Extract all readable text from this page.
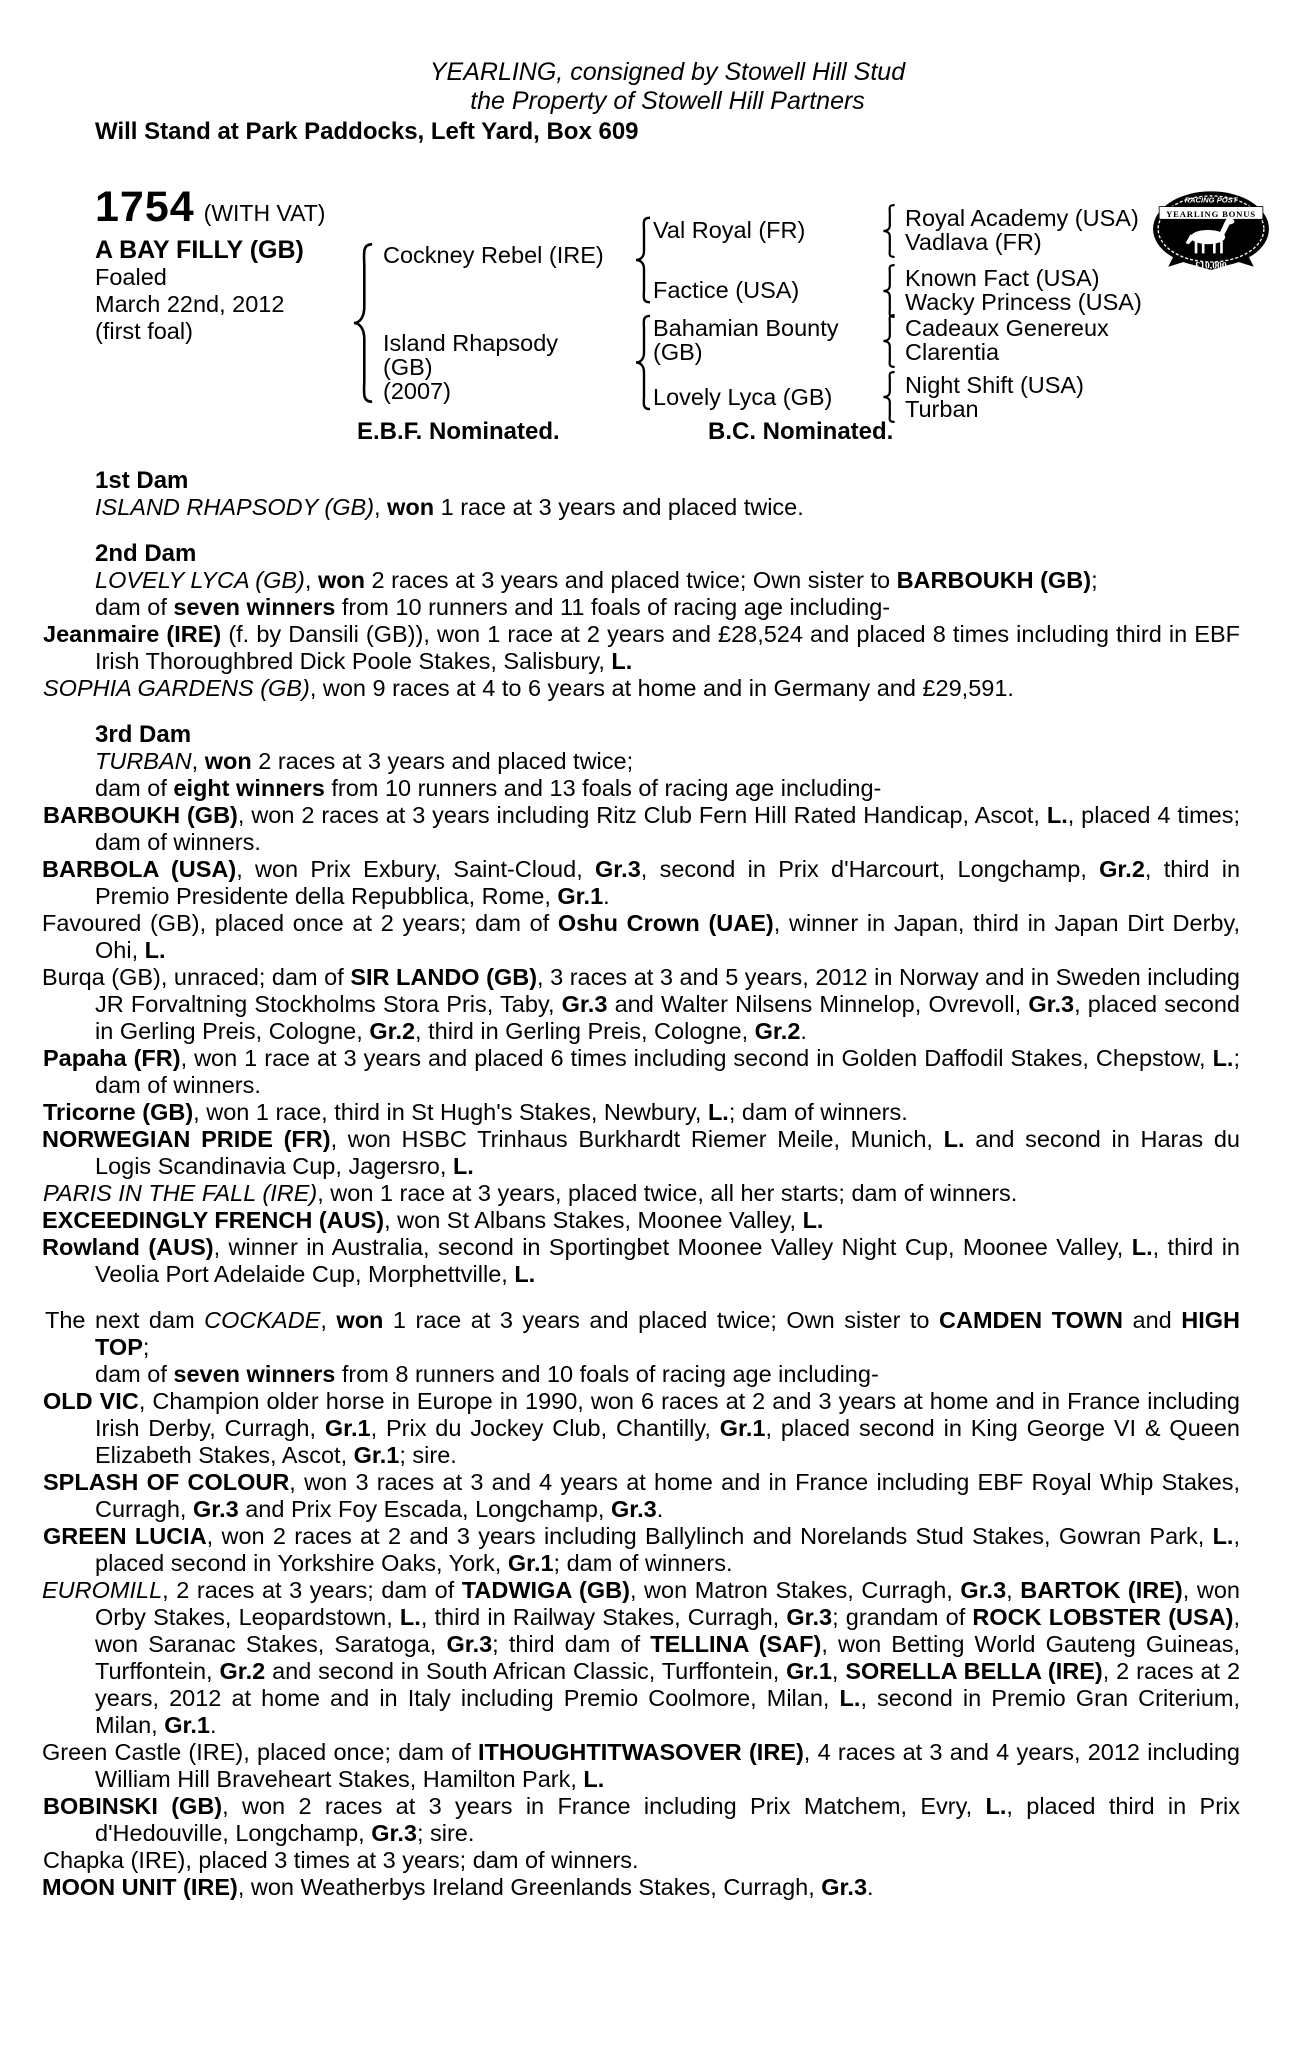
RACING POST
YEARLING BONUS
£10,000
YEARLING, consigned by Stowell Hill Stud
the Property of Stowell Hill Partners
Will Stand at Park Paddocks, Left Yard, Box 609
1754 (WITH VAT)
A BAY FILLY (GB)
Foaled
March 22nd, 2012
(first foal)
Cockney Rebel (IRE)
Island Rhapsody
(GB)
(2007)
Val Royal (FR)
Factice (USA)
Bahamian Bounty
(GB)
Lovely Lyca (GB)
Royal Academy (USA)
Vadlava (FR)
Known Fact (USA)
Wacky Princess (USA)
Cadeaux Genereux
Clarentia
Night Shift (USA)
Turban
E.B.F. Nominated.	B.C. Nominated.
1st Dam

ISLAND RHAPSODY (GB), won 1 race at 3 years and placed twice.

2nd Dam

LOVELY LYCA (GB), won 2 races at 3 years and placed twice; Own sister to BARBOUKH (GB);

dam of seven winners from 10 runners and 11 foals of racing age including-

Jeanmaire (IRE) (f. by Dansili (GB)), won 1 race at 2 years and £28,524 and placed 8 times including third in EBF Irish Thoroughbred Dick Poole Stakes, Salisbury, L.

SOPHIA GARDENS (GB), won 9 races at 4 to 6 years at home and in Germany and £29,591.

3rd Dam

TURBAN, won 2 races at 3 years and placed twice;

dam of eight winners from 10 runners and 13 foals of racing age including-

BARBOUKH (GB), won 2 races at 3 years including Ritz Club Fern Hill Rated Handicap, Ascot, L., placed 4 times; dam of winners.

BARBOLA (USA), won Prix Exbury, Saint-Cloud, Gr.3, second in Prix d'Harcourt, Longchamp, Gr.2, third in Premio Presidente della Repubblica, Rome, Gr.1.

Favoured (GB), placed once at 2 years; dam of Oshu Crown (UAE), winner in Japan, third in Japan Dirt Derby, Ohi, L.

Burqa (GB), unraced; dam of SIR LANDO (GB), 3 races at 3 and 5 years, 2012 in Norway and in Sweden including JR Forvaltning Stockholms Stora Pris, Taby, Gr.3 and Walter Nilsens Minnelop, Ovrevoll, Gr.3, placed second in Gerling Preis, Cologne, Gr.2, third in Gerling Preis, Cologne, Gr.2.

Papaha (FR), won 1 race at 3 years and placed 6 times including second in Golden Daffodil Stakes, Chepstow, L.; dam of winners.

Tricorne (GB), won 1 race, third in St Hugh's Stakes, Newbury, L.; dam of winners.

NORWEGIAN PRIDE (FR), won HSBC Trinhaus Burkhardt Riemer Meile, Munich, L. and second in Haras du Logis Scandinavia Cup, Jagersro, L.

PARIS IN THE FALL (IRE), won 1 race at 3 years, placed twice, all her starts; dam of winners.

EXCEEDINGLY FRENCH (AUS), won St Albans Stakes, Moonee Valley, L.

Rowland (AUS), winner in Australia, second in Sportingbet Moonee Valley Night Cup, Moonee Valley, L., third in Veolia Port Adelaide Cup, Morphettville, L.

The next dam COCKADE, won 1 race at 3 years and placed twice; Own sister to CAMDEN TOWN and HIGH TOP;

dam of seven winners from 8 runners and 10 foals of racing age including-

OLD VIC, Champion older horse in Europe in 1990, won 6 races at 2 and 3 years at home and in France including Irish Derby, Curragh, Gr.1, Prix du Jockey Club, Chantilly, Gr.1, placed second in King George VI & Queen Elizabeth Stakes, Ascot, Gr.1; sire.

SPLASH OF COLOUR, won 3 races at 3 and 4 years at home and in France including EBF Royal Whip Stakes, Curragh, Gr.3 and Prix Foy Escada, Longchamp, Gr.3.

GREEN LUCIA, won 2 races at 2 and 3 years including Ballylinch and Norelands Stud Stakes, Gowran Park, L., placed second in Yorkshire Oaks, York, Gr.1; dam of winners.

EUROMILL, 2 races at 3 years; dam of TADWIGA (GB), won Matron Stakes, Curragh, Gr.3, BARTOK (IRE), won Orby Stakes, Leopardstown, L., third in Railway Stakes, Curragh, Gr.3; grandam of ROCK LOBSTER (USA), won Saranac Stakes, Saratoga, Gr.3; third dam of TELLINA (SAF), won Betting World Gauteng Guineas, Turffontein, Gr.2 and second in South African Classic, Turffontein, Gr.1, SORELLA BELLA (IRE), 2 races at 2 years, 2012 at home and in Italy including Premio Coolmore, Milan, L., second in Premio Gran Criterium, Milan, Gr.1.

Green Castle (IRE), placed once; dam of ITHOUGHTITWASOVER (IRE), 4 races at 3 and 4 years, 2012 including William Hill Braveheart Stakes, Hamilton Park, L.

BOBINSKI (GB), won 2 races at 3 years in France including Prix Matchem, Evry, L., placed third in Prix d'Hedouville, Longchamp, Gr.3; sire.

Chapka (IRE), placed 3 times at 3 years; dam of winners.

MOON UNIT (IRE), won Weatherbys Ireland Greenlands Stakes, Curragh, Gr.3.
